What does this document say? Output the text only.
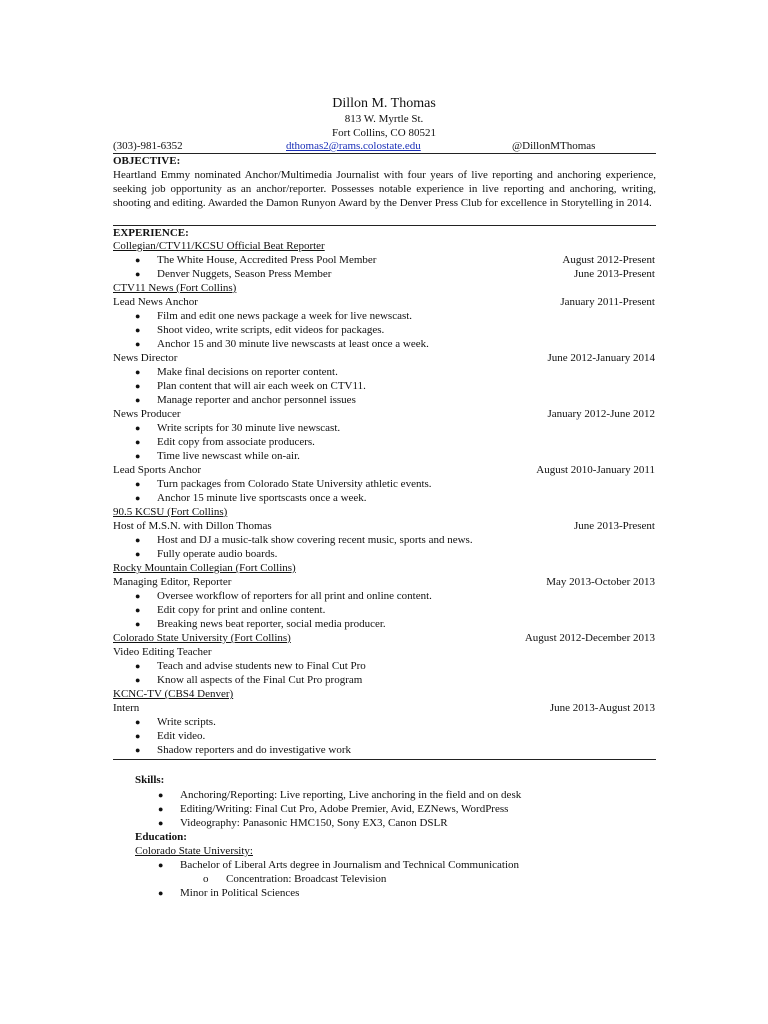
Dillon M. Thomas
813 W. Myrtle St.
Fort Collins, CO 80521
(303)-981-6352	dthomas2@rams.colostate.edu	@DillonMThomas
OBJECTIVE:
Heartland Emmy nominated Anchor/Multimedia Journalist with four years of live reporting and anchoring experience, seeking job opportunity as an anchor/reporter. Possesses notable experience in live reporting and anchoring, writing, shooting and editing. Awarded the Damon Runyon Award by the Denver Press Club for excellence in Storytelling in 2014.
EXPERIENCE:
Collegian/CTV11/KCSU Official Beat Reporter
● The White House, Accredited Press Pool Member	August 2012-Present
● Denver Nuggets, Season Press Member	June 2013-Present
CTV11 News (Fort Collins)
Lead News Anchor	January 2011-Present
● Film and edit one news package a week for live newscast.
● Shoot video, write scripts, edit videos for packages.
● Anchor 15 and 30 minute live newscasts at least once a week.
News Director	June 2012-January 2014
● Make final decisions on reporter content.
● Plan content that will air each week on CTV11.
● Manage reporter and anchor personnel issues
News Producer	January 2012-June 2012
● Write scripts for 30 minute live newscast.
● Edit copy from associate producers.
● Time live newscast while on-air.
Lead Sports Anchor	August 2010-January 2011
● Turn packages from Colorado State University athletic events.
● Anchor 15 minute live sportscasts once a week.
90.5 KCSU (Fort Collins)
Host of M.S.N. with Dillon Thomas	June 2013-Present
● Host and DJ a music-talk show covering recent music, sports and news.
● Fully operate audio boards.
Rocky Mountain Collegian (Fort Collins)
Managing Editor, Reporter	May 2013-October 2013
● Oversee workflow of reporters for all print and online content.
● Edit copy for print and online content.
● Breaking news beat reporter, social media producer.
Colorado State University (Fort Collins)	August 2012-December 2013
Video Editing Teacher
● Teach and advise students new to Final Cut Pro
● Know all aspects of the Final Cut Pro program
KCNC-TV (CBS4 Denver)
Intern	June 2013-August 2013
● Write scripts.
● Edit video.
● Shadow reporters and do investigative work
Skills:
● Anchoring/Reporting: Live reporting, Live anchoring in the field and on desk
● Editing/Writing: Final Cut Pro, Adobe Premier, Avid, EZNews, WordPress
● Videography: Panasonic HMC150, Sony EX3, Canon DSLR
Education:
Colorado State University:
● Bachelor of Liberal Arts degree in Journalism and Technical Communication
o Concentration: Broadcast Television
● Minor in Political Sciences
